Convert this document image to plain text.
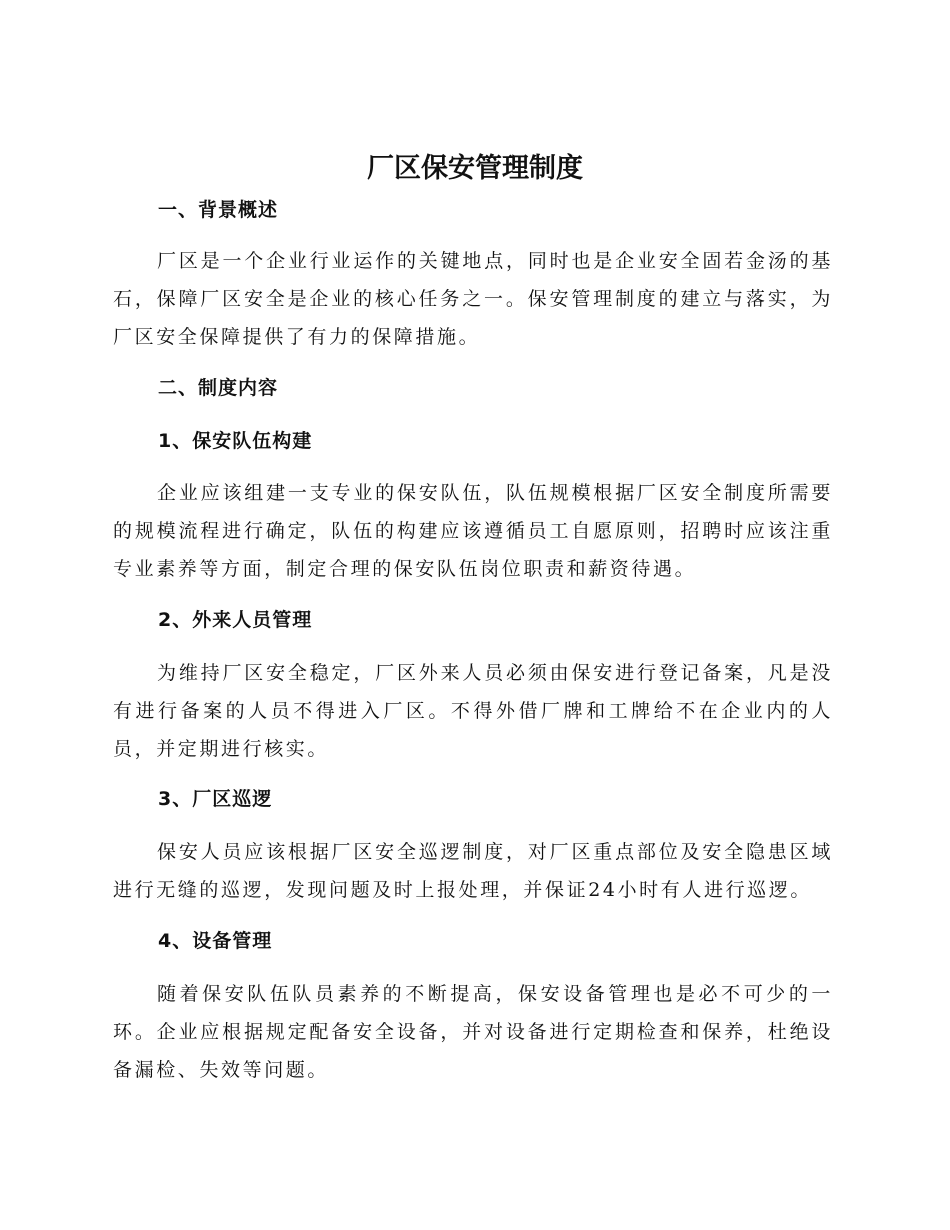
厂区保安管理制度
一、背景概述

厂区是一个企业行业运作的关键地点，同时也是企业安全固若金汤的基石，保障厂区安全是企业的核心任务之一。保安管理制度的建立与落实，为厂区安全保障提供了有力的保障措施。

二、制度内容
1、保安队伍构建

企业应该组建一支专业的保安队伍，队伍规模根据厂区安全制度所需要的规模流程进行确定，队伍的构建应该遵循员工自愿原则，招聘时应该注重专业素养等方面，制定合理的保安队伍岗位职责和薪资待遇。

2、外来人员管理

为维持厂区安全稳定，厂区外来人员必须由保安进行登记备案，凡是没有进行备案的人员不得进入厂区。不得外借厂牌和工牌给不在企业内的人员，并定期进行核实。

3、厂区巡逻

保安人员应该根据厂区安全巡逻制度，对厂区重点部位及安全隐患区域进行无缝的巡逻，发现问题及时上报处理，并保证24小时有人进行巡逻。

4、设备管理

随着保安队伍队员素养的不断提高，保安设备管理也是必不可少的一环。企业应根据规定配备安全设备，并对设备进行定期检查和保养，杜绝设备漏检、失效等问题。
